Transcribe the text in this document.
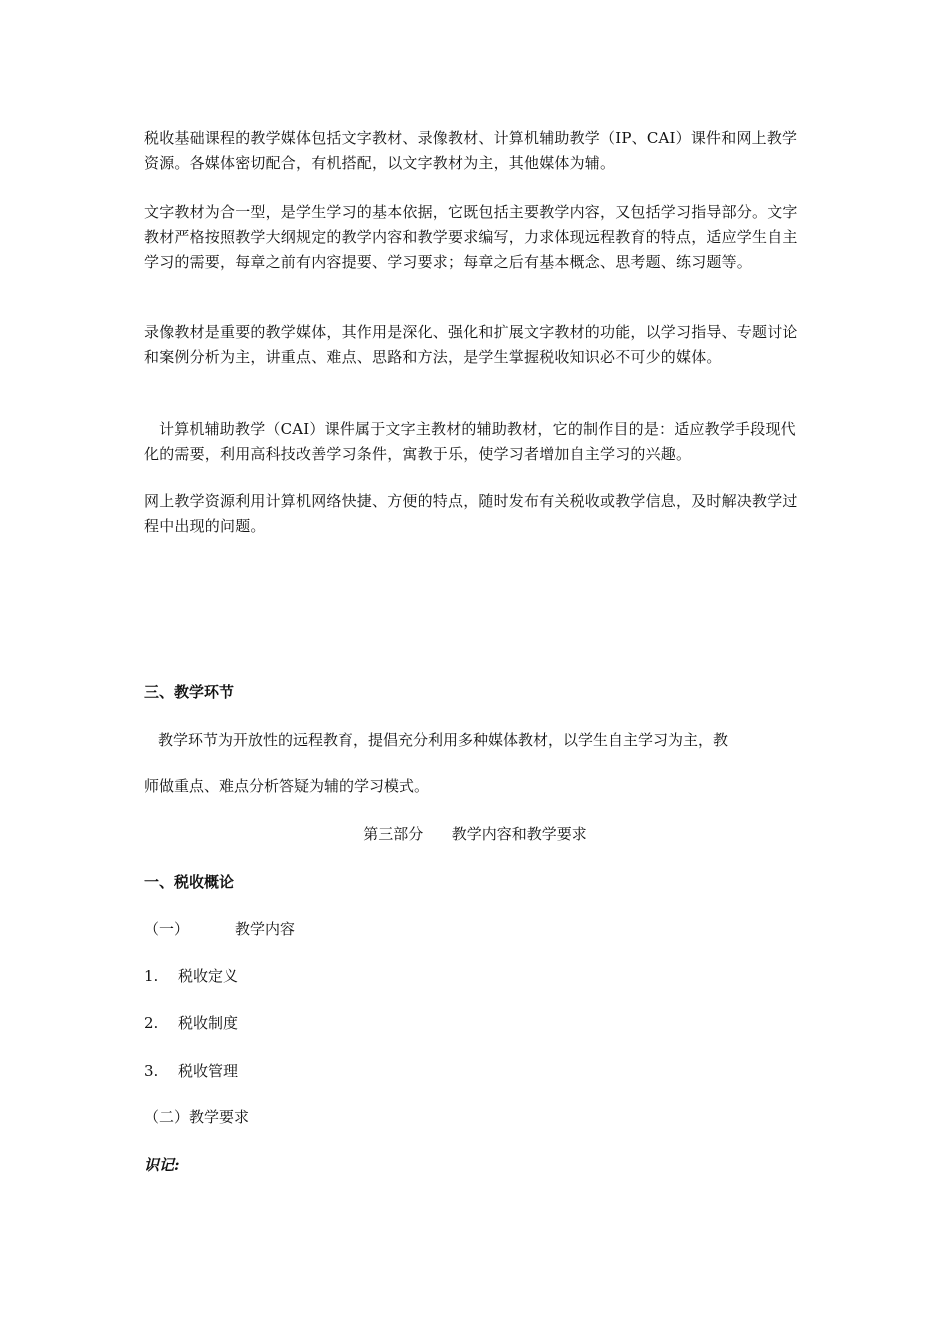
税收基础课程的教学媒体包括文字教材、录像教材、计算机辅助教学（IP、CAI）课件和网上教学资源。各媒体密切配合，有机搭配，以文字教材为主，其他媒体为辅。

文字教材为合一型，是学生学习的基本依据，它既包括主要教学内容，又包括学习指导部分。文字教材严格按照教学大纲规定的教学内容和教学要求编写，力求体现远程教育的特点，适应学生自主学习的需要，每章之前有内容提要、学习要求；每章之后有基本概念、思考题、练习题等。

录像教材是重要的教学媒体，其作用是深化、强化和扩展文字教材的功能，以学习指导、专题讨论和案例分析为主，讲重点、难点、思路和方法，是学生掌握税收知识必不可少的媒体。

计算机辅助教学（CAI）课件属于文字主教材的辅助教材，它的制作目的是：适应教学手段现代化的需要，利用高科技改善学习条件，寓教于乐，使学习者增加自主学习的兴趣。

网上教学资源利用计算机网络快捷、方便的特点，随时发布有关税收或教学信息，及时解决教学过程中出现的问题。

三、教学环节

教学环节为开放性的远程教育，提倡充分利用多种媒体教材，以学生自主学习为主，教

师做重点、难点分析答疑为辅的学习模式。

第三部分      教学内容和教学要求

一、税收概论

（一）	教学内容

1. 税收定义

2. 税收制度

3. 税收管理

（二）教学要求

识记:
